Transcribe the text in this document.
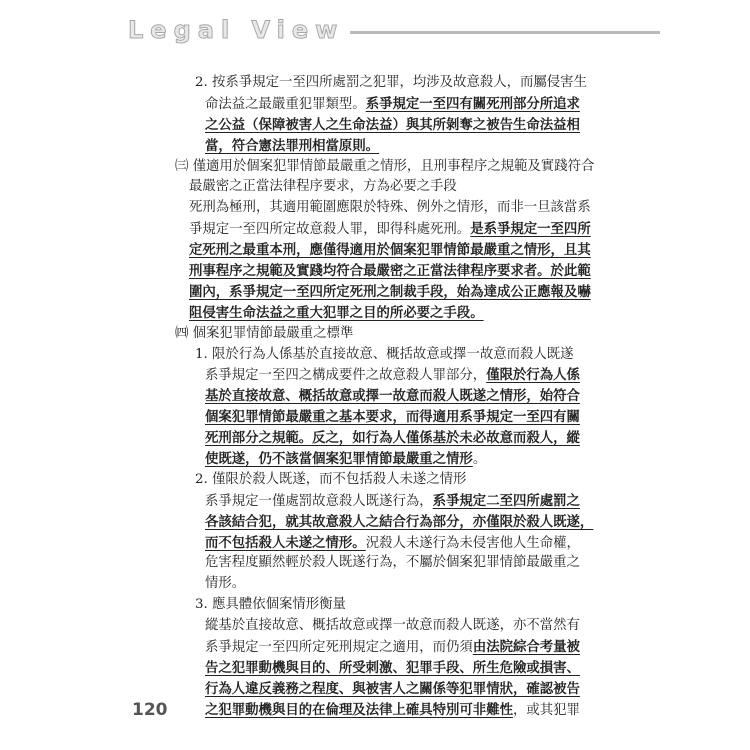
Legal View
2. 按系爭規定一至四所處罰之犯罪，均涉及故意殺人，而屬侵害生
命法益之最嚴重犯罪類型。系爭規定一至四有關死刑部分所追求
之公益（保障被害人之生命法益）與其所剝奪之被告生命法益相
當，符合憲法罪刑相當原則。
㈢ 僅適用於個案犯罪情節最嚴重之情形，且刑事程序之規範及實踐符合
最嚴密之正當法律程序要求，方為必要之手段
死刑為極刑，其適用範圍應限於特殊、例外之情形，而非一旦該當系
爭規定一至四所定故意殺人罪，即得科處死刑。是系爭規定一至四所
定死刑之最重本刑，應僅得適用於個案犯罪情節最嚴重之情形，且其
刑事程序之規範及實踐均符合最嚴密之正當法律程序要求者。於此範
圍內，系爭規定一至四所定死刑之制裁手段，始為達成公正應報及嚇
阻侵害生命法益之重大犯罪之目的所必要之手段。
㈣ 個案犯罪情節最嚴重之標準
1. 限於行為人係基於直接故意、概括故意或擇一故意而殺人既遂
系爭規定一至四之構成要件之故意殺人罪部分，僅限於行為人係
基於直接故意、概括故意或擇一故意而殺人既遂之情形，始符合
個案犯罪情節最嚴重之基本要求，而得適用系爭規定一至四有關
死刑部分之規範。反之，如行為人僅係基於未必故意而殺人，縱
使既遂，仍不該當個案犯罪情節最嚴重之情形。
2. 僅限於殺人既遂，而不包括殺人未遂之情形
系爭規定一僅處罰故意殺人既遂行為，系爭規定二至四所處罰之
各該結合犯，就其故意殺人之結合行為部分，亦僅限於殺人既遂，
而不包括殺人未遂之情形。況殺人未遂行為未侵害他人生命權，
危害程度顯然輕於殺人既遂行為，不屬於個案犯罪情節最嚴重之
情形。
3. 應具體依個案情形衡量
縱基於直接故意、概括故意或擇一故意而殺人既遂，亦不當然有
系爭規定一至四所定死刑規定之適用，而仍須由法院綜合考量被
告之犯罪動機與目的、所受刺激、犯罪手段、所生危險或損害、
行為人違反義務之程度、與被害人之關係等犯罪情狀，確認被告
之犯罪動機與目的在倫理及法律上確具特別可非難性，或其犯罪
120
